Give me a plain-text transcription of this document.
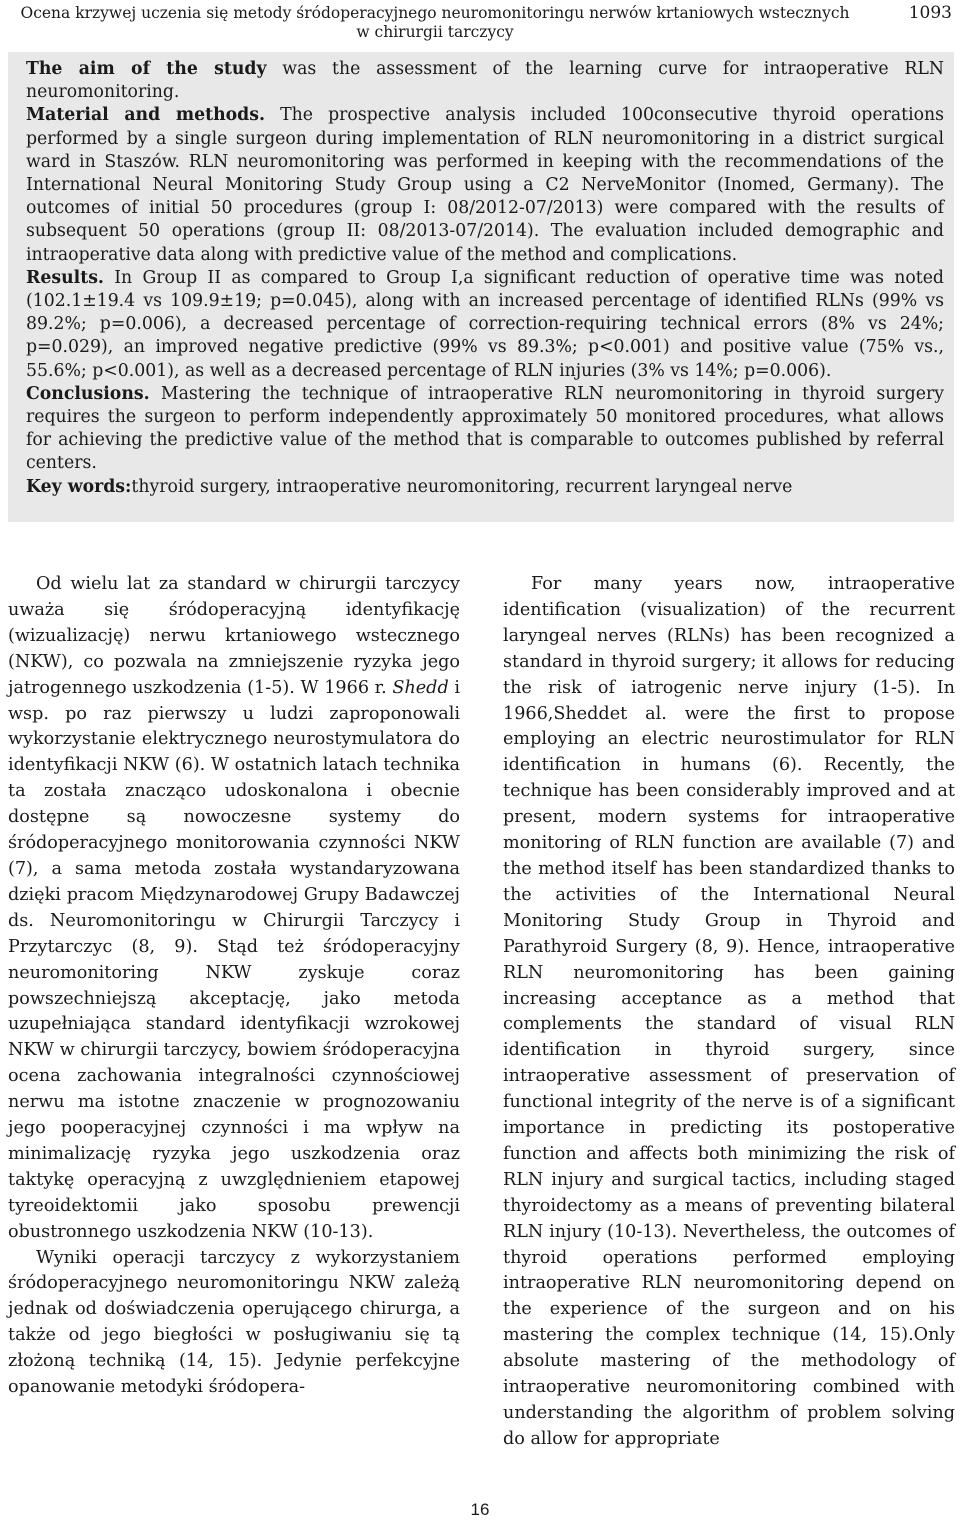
Ocena krzywej uczenia się metody śródoperacyjnego neuromonitoringu nerwów krtaniowych wstecznych w chirurgii tarczycy
1093

The aim of the study was the assessment of the learning curve for intraoperative RLN neuromonitoring.

Material and methods. The prospective analysis included 100consecutive thyroid operations performed by a single surgeon during implementation of RLN neuromonitoring in a district surgical ward in Staszów. RLN neuromonitoring was performed in keeping with the recommendations of the International Neural Monitoring Study Group using a C2 NerveMonitor (Inomed, Germany). The outcomes of initial 50 procedures (group I: 08/2012-07/2013) were compared with the results of subsequent 50 operations (group II: 08/2013-07/2014). The evaluation included demographic and intraoperative data along with predictive value of the method and complications.

Results. In Group II as compared to Group I,a significant reduction of operative time was noted (102.1±19.4 vs 109.9±19; p=0.045), along with an increased percentage of identified RLNs (99% vs 89.2%; p=0.006), a decreased percentage of correction-requiring technical errors (8% vs 24%; p=0.029), an improved negative predictive (99% vs 89.3%; p<0.001) and positive value (75% vs., 55.6%; p<0.001), as well as a decreased percentage of RLN injuries (3% vs 14%; p=0.006).

Conclusions. Mastering the technique of intraoperative RLN neuromonitoring in thyroid surgery requires the surgeon to perform independently approximately 50 monitored procedures, what allows for achieving the predictive value of the method that is comparable to outcomes published by referral centers.

Key words:thyroid surgery, intraoperative neuromonitoring, recurrent laryngeal nerve

Od wielu lat za standard w chirurgii tarczycy uważa się śródoperacyjną identyfikację (wizualizację) nerwu krtaniowego wstecznego (NKW), co pozwala na zmniejszenie ryzyka jego jatrogennego uszkodzenia (1-5). W 1966 r. Shedd i wsp. po raz pierwszy u ludzi zaproponowali wykorzystanie elektrycznego neurostymulatora do identyfikacji NKW (6). W ostatnich latach technika ta została znacząco udoskonalona i obecnie dostępne są nowoczesne systemy do śródoperacyjnego monitorowania czynności NKW (7), a sama metoda została wystandaryzowana dzięki pracom Międzynarodowej Grupy Badawczej ds. Neuromonitoringu w Chirurgii Tarczycy i Przytarczyc (8, 9). Stąd też śródoperacyjny neuromonitoring NKW zyskuje coraz powszechniejszą akceptację, jako metoda uzupełniająca standard identyfikacji wzrokowej NKW w chirurgii tarczycy, bowiem śródoperacyjna ocena zachowania integralności czynnościowej nerwu ma istotne znaczenie w prognozowaniu jego pooperacyjnej czynności i ma wpływ na minimalizację ryzyka jego uszkodzenia oraz taktykę operacyjną z uwzględnieniem etapowej tyreoidektomii jako sposobu prewencji obustronnego uszkodzenia NKW (10-13).

Wyniki operacji tarczycy z wykorzystaniem śródoperacyjnego neuromonitoringu NKW zależą jednak od doświadczenia operującego chirurga, a także od jego biegłości w posługiwaniu się tą złożoną techniką (14, 15). Jedynie perfekcyjne opanowanie metodyki śródopera-

For many years now, intraoperative identification (visualization) of the recurrent laryngeal nerves (RLNs) has been recognized a standard in thyroid surgery; it allows for reducing the risk of iatrogenic nerve injury (1-5). In 1966,Sheddet al. were the first to propose employing an electric neurostimulator for RLN identification in humans (6). Recently, the technique has been considerably improved and at present, modern systems for intraoperative monitoring of RLN function are available (7) and the method itself has been standardized thanks to the activities of the International Neural Monitoring Study Group in Thyroid and Parathyroid Surgery (8, 9). Hence, intraoperative RLN neuromonitoring has been gaining increasing acceptance as a method that complements the standard of visual RLN identification in thyroid surgery, since intraoperative assessment of preservation of functional integrity of the nerve is of a significant importance in predicting its postoperative function and affects both minimizing the risk of RLN injury and surgical tactics, including staged thyroidectomy as a means of preventing bilateral RLN injury (10-13). Nevertheless, the outcomes of thyroid operations performed employing intraoperative RLN neuromonitoring depend on the experience of the surgeon and on his mastering the complex technique (14, 15).Only absolute mastering of the methodology of intraoperative neuromonitoring combined with understanding the algorithm of problem solving do allow for appropriate

16
